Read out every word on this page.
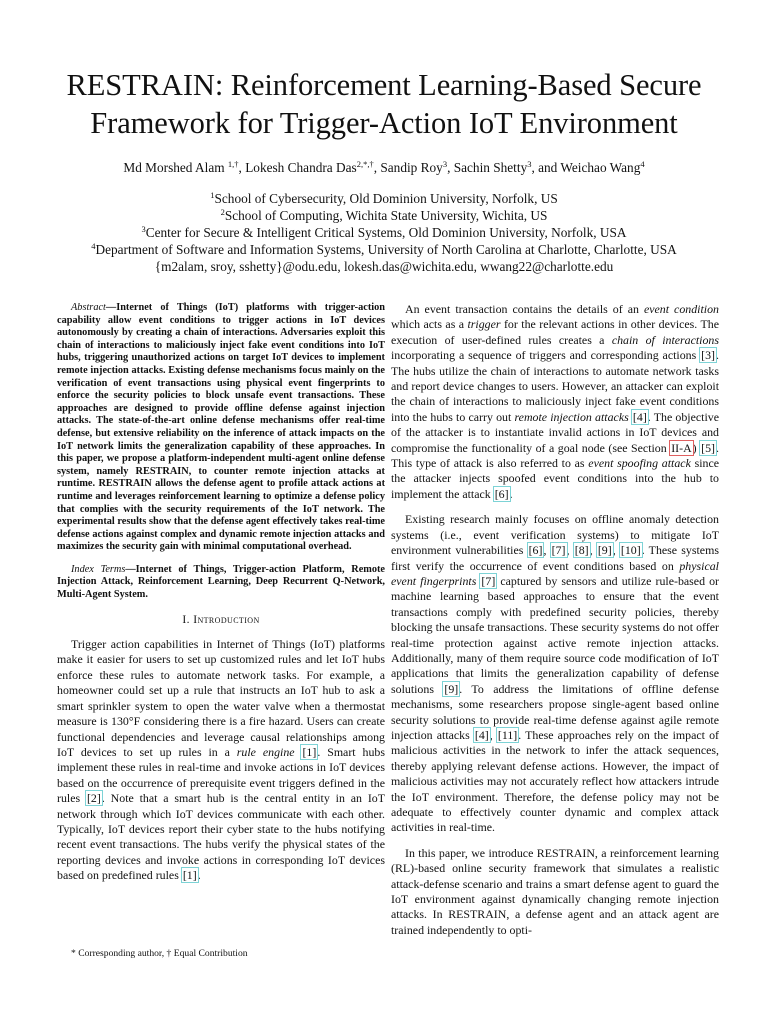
RESTRAIN: Reinforcement Learning-Based Secure
Framework for Trigger-Action IoT Environment
Md Morshed Alam $^{1,\dagger}$, Lokesh Chandra Das$^{2,*,\dagger}$, Sandip Roy$^3$, Sachin Shetty$^3$, and Weichao Wang$^4$
$^1$School of Cybersecurity, Old Dominion University, Norfolk, US
$^2$School of Computing, Wichita State University, Wichita, US
$^3$Center for Secure & Intelligent Critical Systems, Old Dominion University, Norfolk, USA
$^4$Department of Software and Information Systems, University of North Carolina at Charlotte, Charlotte, USA
{m2alam, sroy, sshetty}@odu.edu, lokesh.das@wichita.edu, wwang22@charlotte.edu

Abstract—Internet of Things (IoT) platforms with trigger-action capability allow event conditions to trigger actions in IoT devices autonomously by creating a chain of interactions. Adversaries exploit this chain of interactions to maliciously inject fake event conditions into IoT hubs, triggering unauthorized actions on target IoT devices to implement remote injection attacks. Existing defense mechanisms focus mainly on the verification of event transactions using physical event fingerprints to enforce the security policies to block unsafe event transactions. These approaches are designed to provide offline defense against injection attacks. The state-of-the-art online defense mechanisms offer real-time defense, but extensive reliability on the inference of attack impacts on the IoT network limits the generalization capability of these approaches. In this paper, we propose a platform-independent multi-agent online defense system, namely RESTRAIN, to counter remote injection attacks at runtime. RESTRAIN allows the defense agent to profile attack actions at runtime and leverages reinforcement learning to optimize a defense policy that complies with the security requirements of the IoT network. The experimental results show that the defense agent effectively takes real-time defense actions against complex and dynamic remote injection attacks and maximizes the security gain with minimal computational overhead.

Index Terms—Internet of Things, Trigger-action Platform, Remote Injection Attack, Reinforcement Learning, Deep Recurrent Q-Network, Multi-Agent System.

I. Introduction

Trigger action capabilities in Internet of Things (IoT) platforms make it easier for users to set up customized rules and let IoT hubs enforce these rules to automate network tasks. For example, a homeowner could set up a rule that instructs an IoT hub to ask a smart sprinkler system to open the water valve when a thermostat measure is 130°F considering there is a fire hazard. Users can create functional dependencies and leverage causal relationships among IoT devices to set up rules in a rule engine [1]. Smart hubs implement these rules in real-time and invoke actions in IoT devices based on the occurrence of prerequisite event triggers defined in the rules [2]. Note that a smart hub is the central entity in an IoT network through which IoT devices communicate with each other. Typically, IoT devices report their cyber state to the hubs notifying recent event transactions. The hubs verify the physical states of the reporting devices and invoke actions in corresponding IoT devices based on predefined rules [1].

An event transaction contains the details of an event condition which acts as a trigger for the relevant actions in other devices. The execution of user-defined rules creates a chain of interactions incorporating a sequence of triggers and corresponding actions [3]. The hubs utilize the chain of interactions to automate network tasks and report device changes to users. However, an attacker can exploit the chain of interactions to maliciously inject fake event conditions into the hubs to carry out remote injection attacks [4]. The objective of the attacker is to instantiate invalid actions in IoT devices and compromise the functionality of a goal node (see Section II-A) [5]. This type of attack is also referred to as event spoofing attack since the attacker injects spoofed event conditions into the hub to implement the attack [6].

Existing research mainly focuses on offline anomaly detection systems (i.e., event verification systems) to mitigate IoT environment vulnerabilities [6], [7], [8], [9], [10]. These systems first verify the occurrence of event conditions based on physical event fingerprints [7] captured by sensors and utilize rule-based or machine learning based approaches to ensure that the event transactions comply with predefined security policies, thereby blocking the unsafe transactions. These security systems do not offer real-time protection against active remote injection attacks. Additionally, many of them require source code modification of IoT applications that limits the generalization capability of defense solutions [9]. To address the limitations of offline defense mechanisms, some researchers propose single-agent based online security solutions to provide real-time defense against agile remote injection attacks [4], [11]. These approaches rely on the impact of malicious activities in the network to infer the attack sequences, thereby applying relevant defense actions. However, the impact of malicious activities may not accurately reflect how attackers intrude the IoT environment. Therefore, the defense policy may not be adequate to effectively counter dynamic and complex attack activities in real-time.

In this paper, we introduce RESTRAIN, a reinforcement learning (RL)-based online security framework that simulates a realistic attack-defense scenario and trains a smart defense agent to guard the IoT environment against dynamically changing remote injection attacks. In RESTRAIN, a defense agent and an attack agent are trained independently to opti-

* Corresponding author, † Equal Contribution
